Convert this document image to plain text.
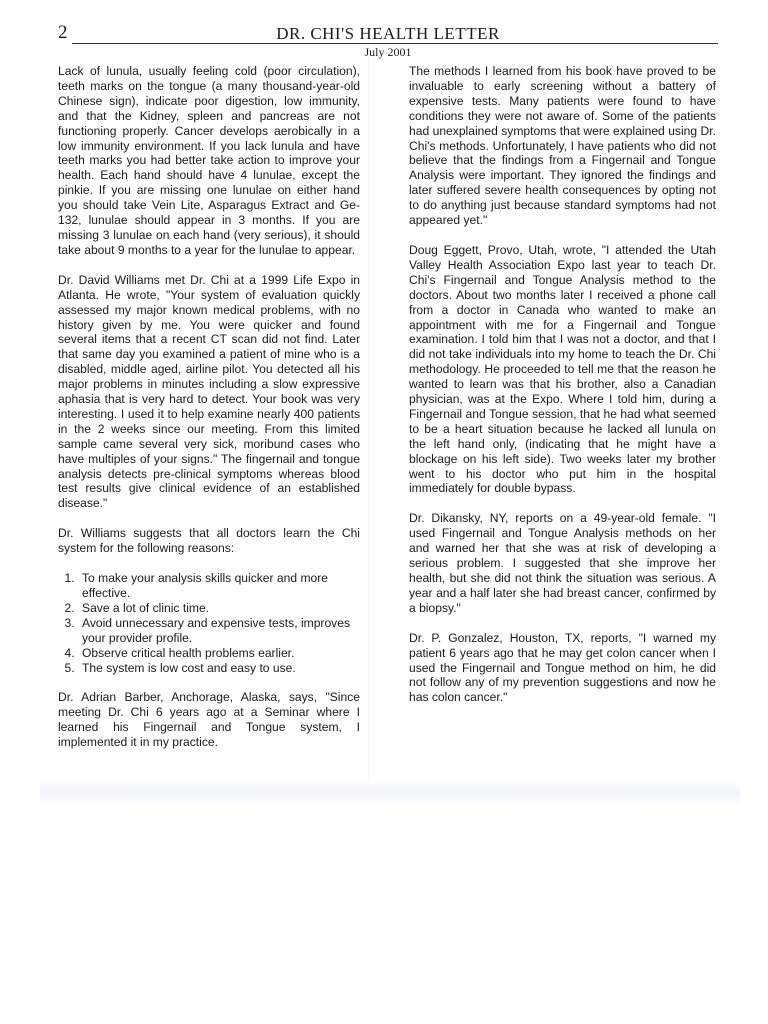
2	DR. CHI'S HEALTH LETTER
July 2001

Lack of lunula, usually feeling cold (poor circulation), teeth marks on the tongue (a many thousand-year-old Chinese sign), indicate poor digestion, low immunity, and that the Kidney, spleen and pancreas are not functioning properly. Cancer develops aerobically in a low immunity environment. If you lack lunula and have teeth marks you had better take action to improve your health. Each hand should have 4 lunulae, except the pinkie. If you are missing one lunulae on either hand you should take Vein Lite, Asparagus Extract and Ge-132, lunulae should appear in 3 months. If you are missing 3 lunulae on each hand (very serious), it should take about 9 months to a year for the lunulae to appear.

Dr. David Williams met Dr. Chi at a 1999 Life Expo in Atlanta. He wrote, "Your system of evaluation quickly assessed my major known medical problems, with no history given by me. You were quicker and found several items that a recent CT scan did not find. Later that same day you examined a patient of mine who is a disabled, middle aged, airline pilot. You detected all his major problems in minutes including a slow expressive aphasia that is very hard to detect. Your book was very interesting. I used it to help examine nearly 400 patients in the 2 weeks since our meeting. From this limited sample came several very sick, moribund cases who have multiples of your signs." The fingernail and tongue analysis detects pre-clinical symptoms whereas blood test results give clinical evidence of an established disease."

Dr. Williams suggests that all doctors learn the Chi system for the following reasons:

1. To make your analysis skills quicker and more effective.
2. Save a lot of clinic time.
3. Avoid unnecessary and expensive tests, improves your provider profile.
4. Observe critical health problems earlier.
5. The system is low cost and easy to use.

Dr. Adrian Barber, Anchorage, Alaska, says, "Since meeting Dr. Chi 6 years ago at a Seminar where I learned his Fingernail and Tongue system, I implemented it in my practice.

The methods I learned from his book have proved to be invaluable to early screening without a battery of expensive tests. Many patients were found to have conditions they were not aware of. Some of the patients had unexplained symptoms that were explained using Dr. Chi's methods. Unfortunately, I have patients who did not believe that the findings from a Fingernail and Tongue Analysis were important. They ignored the findings and later suffered severe health consequences by opting not to do anything just because standard symptoms had not appeared yet."

Doug Eggett, Provo, Utah, wrote, "I attended the Utah Valley Health Association Expo last year to teach Dr. Chi's Fingernail and Tongue Analysis method to the doctors. About two months later I received a phone call from a doctor in Canada who wanted to make an appointment with me for a Fingernail and Tongue examination. I told him that I was not a doctor, and that I did not take individuals into my home to teach the Dr. Chi methodology. He proceeded to tell me that the reason he wanted to learn was that his brother, also a Canadian physician, was at the Expo. Where I told him, during a Fingernail and Tongue session, that he had what seemed to be a heart situation because he lacked all lunula on the left hand only, (indicating that he might have a blockage on his left side). Two weeks later my brother went to his doctor who put him in the hospital immediately for double bypass.

Dr. Dikansky, NY, reports on a 49-year-old female. "I used Fingernail and Tongue Analysis methods on her and warned her that she was at risk of developing a serious problem. I suggested that she improve her health, but she did not think the situation was serious. A year and a half later she had breast cancer, confirmed by a biopsy."

Dr. P. Gonzalez, Houston, TX, reports, "I warned my patient 6 years ago that he may get colon cancer when I used the Fingernail and Tongue method on him, he did not follow any of my prevention suggestions and now he has colon cancer."
